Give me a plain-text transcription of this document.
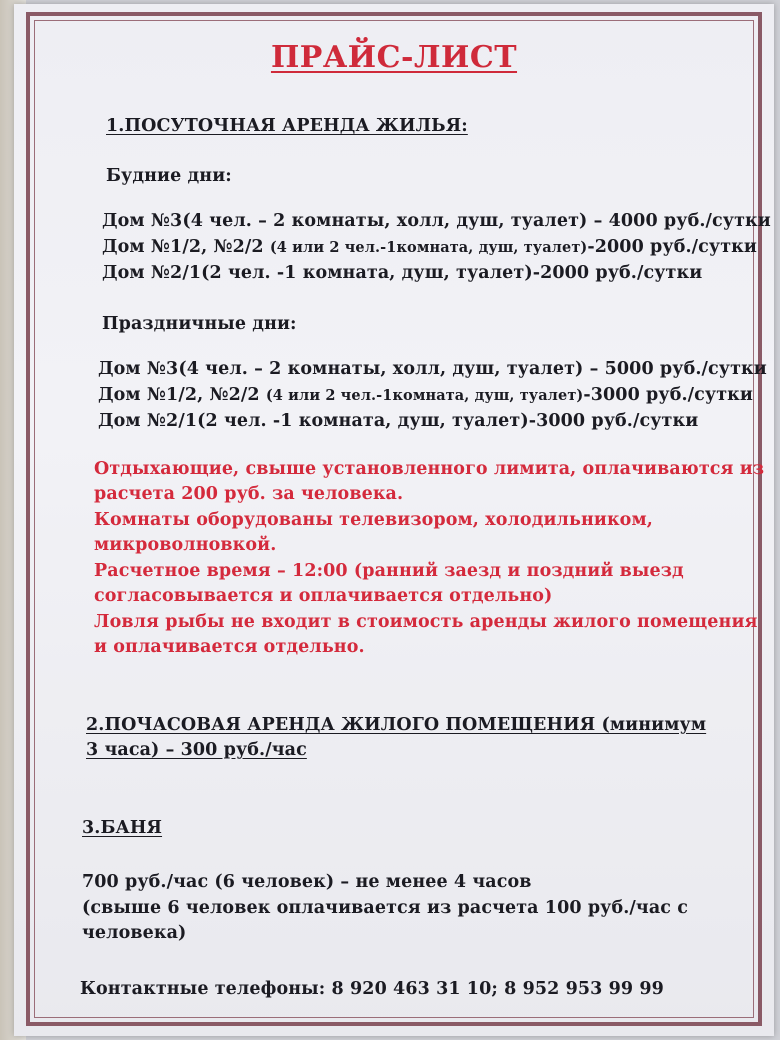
ПРАЙС-ЛИСТ
1.ПОСУТОЧНАЯ АРЕНДА ЖИЛЬЯ:
Будние дни:
Дом №3(4 чел. – 2 комнаты, холл, душ, туалет) – 4000 руб./сутки
Дом №1/2, №2/2 (4 или 2 чел.-1комната, душ, туалет)-2000 руб./сутки
Дом №2/1(2 чел. -1 комната, душ, туалет)-2000 руб./сутки
Праздничные дни:
Дом №3(4 чел. – 2 комнаты, холл, душ, туалет) – 5000 руб./сутки
Дом №1/2, №2/2 (4 или 2 чел.-1комната, душ, туалет)-3000 руб./сутки
Дом №2/1(2 чел. -1 комната, душ, туалет)-3000 руб./сутки
Отдыхающие, свыше установленного лимита, оплачиваются из
расчета 200 руб. за человека.
Комнаты оборудованы телевизором, холодильником,
микроволновкой.
Расчетное время – 12:00 (ранний заезд и поздний выезд
согласовывается и оплачивается отдельно)
Ловля рыбы не входит в стоимость аренды жилого помещения
и оплачивается отдельно.
2.ПОЧАСОВАЯ АРЕНДА ЖИЛОГО ПОМЕЩЕНИЯ (минимум
3 часа) – 300 руб./час
3.БАНЯ
700 руб./час (6 человек) – не менее 4 часов
(свыше 6 человек оплачивается из расчета 100 руб./час с
человека)
Контактные телефоны: 8 920 463 31 10; 8 952 953 99 99
